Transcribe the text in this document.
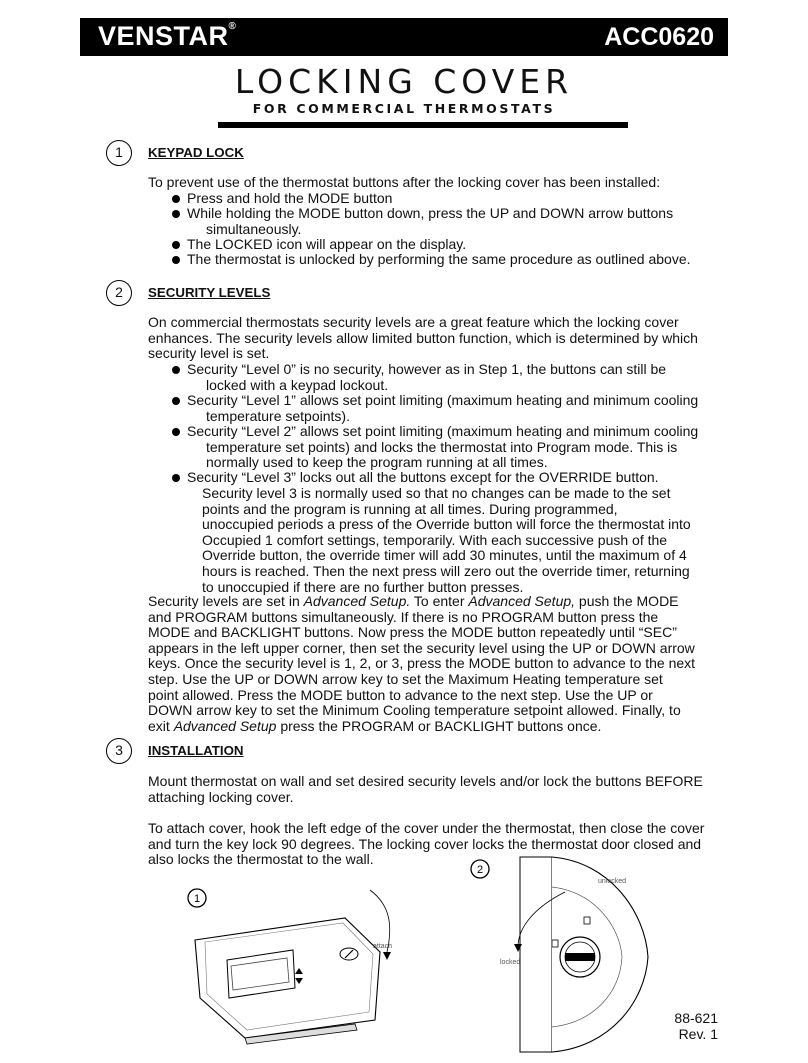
VENSTAR®	ACC0620
LOCKING COVER
FOR COMMERCIAL THERMOSTATS
1	KEYPAD LOCK
To prevent use of the thermostat buttons after the locking cover has been installed:
Press and hold the MODE button
While holding the MODE button down, press the UP and DOWN arrow buttons
simultaneously.
The LOCKED icon will appear on the display.
The thermostat is unlocked by performing the same procedure as outlined above.
2	SECURITY LEVELS
On commercial thermostats security levels are a great feature which the locking cover
enhances. The security levels allow limited button function, which is determined by which
security level is set.
Security “Level 0” is no security, however as in Step 1, the buttons can still be
locked with a keypad lockout.
Security “Level 1” allows set point limiting (maximum heating and minimum cooling
temperature setpoints).
Security “Level 2” allows set point limiting (maximum heating and minimum cooling
temperature set points) and locks the thermostat into Program mode. This is
normally used to keep the program running at all times.
Security “Level 3” locks out all the buttons except for the OVERRIDE button.
Security level 3 is normally used so that no changes can be made to the set
points and the program is running at all times. During programmed,
unoccupied periods a press of the Override button will force the thermostat into
Occupied 1 comfort settings, temporarily. With each successive push of the
Override button, the override timer will add 30 minutes, until the maximum of 4
hours is reached. Then the next press will zero out the override timer, returning
to unoccupied if there are no further button presses.
Security levels are set in Advanced Setup. To enter Advanced Setup, push the MODE
and PROGRAM buttons simultaneously. If there is no PROGRAM button press the
MODE and BACKLIGHT buttons. Now press the MODE button repeatedly until “SEC”
appears in the left upper corner, then set the security level using the UP or DOWN arrow
keys. Once the security level is 1, 2, or 3, press the MODE button to advance to the next
step. Use the UP or DOWN arrow key to set the Maximum Heating temperature set
point allowed. Press the MODE button to advance to the next step. Use the UP or
DOWN arrow key to set the Minimum Cooling temperature setpoint allowed. Finally, to
exit Advanced Setup press the PROGRAM or BACKLIGHT buttons once.
3	INSTALLATION
Mount thermostat on wall and set desired security levels and/or lock the buttons BEFORE
attaching locking cover.
To attach cover, hook the left edge of the cover under the thermostat, then close the cover
and turn the key lock 90 degrees. The locking cover locks the thermostat door closed and
also locks the thermostat to the wall.
1
attach
2
unlocked
locked
88-621
Rev. 1
